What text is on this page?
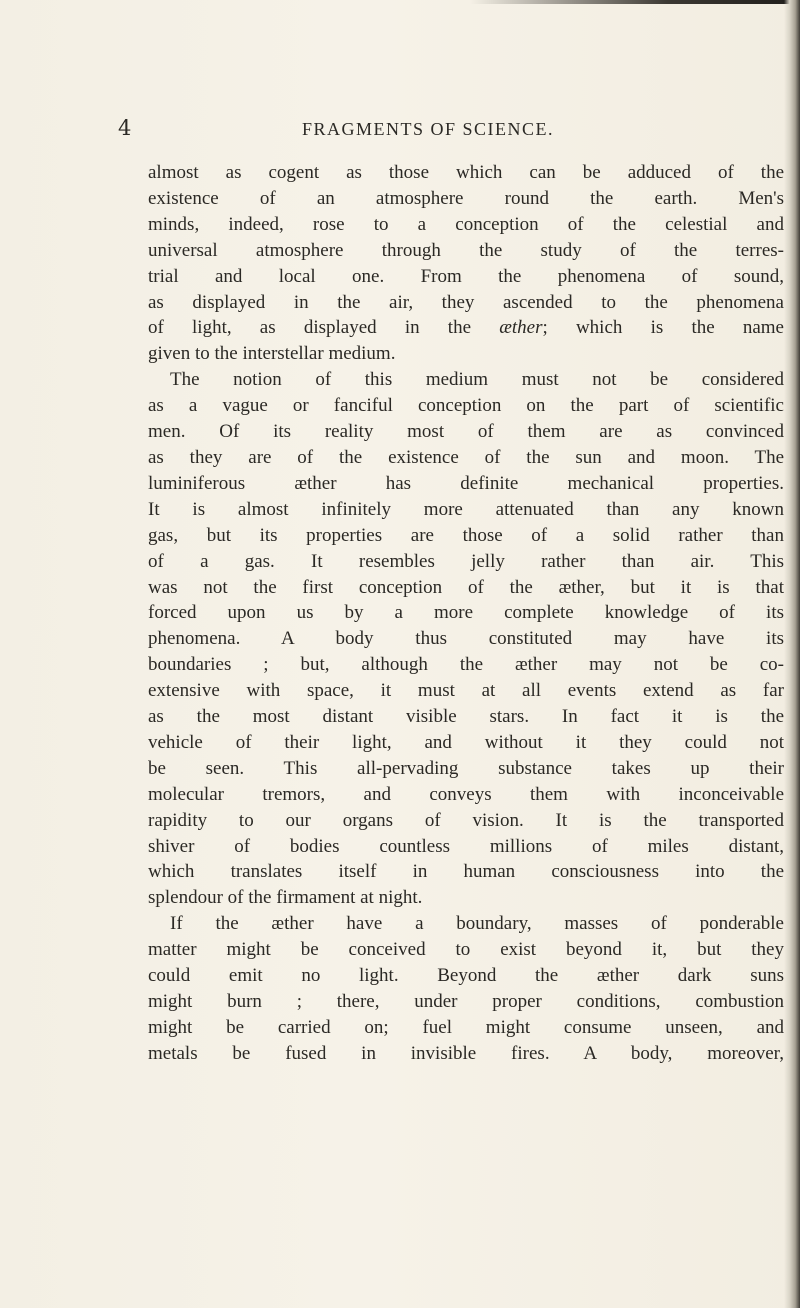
4	FRAGMENTS OF SCIENCE.
almost as cogent as those which can be adduced of the
existence of an atmosphere round the earth. Men's
minds, indeed, rose to a conception of the celestial and
universal atmosphere through the study of the terres-
trial and local one. From the phenomena of sound,
as displayed in the air, they ascended to the phenomena
of light, as displayed in the æther; which is the name
given to the interstellar medium.
The notion of this medium must not be considered
as a vague or fanciful conception on the part of scientific
men. Of its reality most of them are as convinced
as they are of the existence of the sun and moon. The
luminiferous æther has definite mechanical properties.
It is almost infinitely more attenuated than any known
gas, but its properties are those of a solid rather than
of a gas. It resembles jelly rather than air. This
was not the first conception of the æther, but it is that
forced upon us by a more complete knowledge of its
phenomena. A body thus constituted may have its
boundaries ; but, although the æther may not be co-
extensive with space, it must at all events extend as far
as the most distant visible stars. In fact it is the
vehicle of their light, and without it they could not
be seen. This all-pervading substance takes up their
molecular tremors, and conveys them with inconceivable
rapidity to our organs of vision. It is the transported
shiver of bodies countless millions of miles distant,
which translates itself in human consciousness into the
splendour of the firmament at night.
If the æther have a boundary, masses of ponderable
matter might be conceived to exist beyond it, but they
could emit no light. Beyond the æther dark suns
might burn ; there, under proper conditions, combustion
might be carried on; fuel might consume unseen, and
metals be fused in invisible fires. A body, moreover,
